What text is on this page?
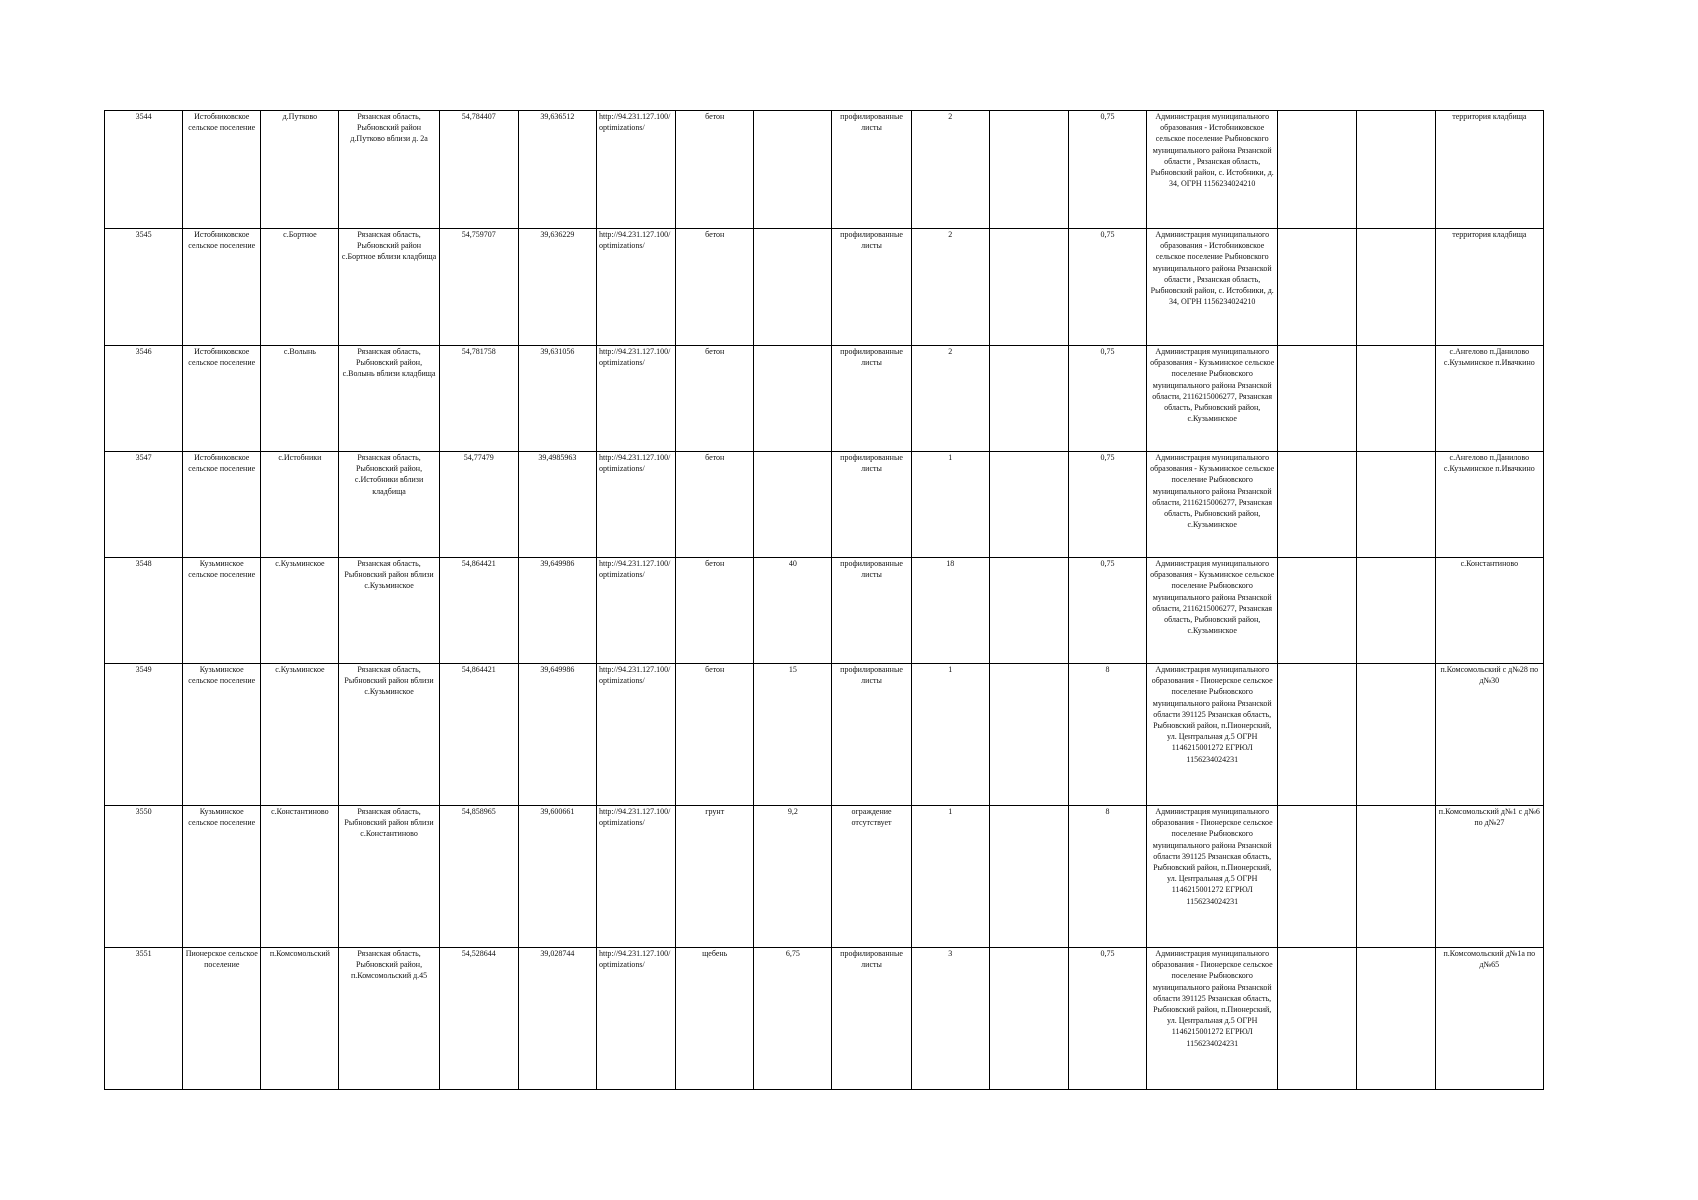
3544	Истобниковское сельское поселение	д.Путково	Рязанская область, Рыбновский район д.Путково вблизи д. 2а	54,784407	39,636512	http://94.231.127.100/optimizations/	бетон		профилированные листы	2		0,75	Администрация муниципального образования - Истобниковское сельское поселение Рыбновского муниципального района Рязанской области , Рязанская область, Рыбновский район, с. Истобники, д. 34, ОГРН 1156234024210			территория кладбища
3545	Истобниковское сельское поселение	с.Бортное	Рязанская область, Рыбновский район с.Бортное вблизи кладбища	54,759707	39,636229	http://94.231.127.100/optimizations/	бетон		профилированные листы	2		0,75	Администрация муниципального образования - Истобниковское сельское поселение Рыбновского муниципального района Рязанской области , Рязанская область, Рыбновский район, с. Истобники, д. 34, ОГРН 1156234024210			территория кладбища
3546	Истобниковское сельское поселение	с.Волынь	Рязанская область, Рыбновский район, с.Волынь вблизи кладбища	54,781758	39,631056	http://94.231.127.100/optimizations/	бетон		профилированные листы	2		0,75	Администрация муниципального образования - Кузьминское сельское поселение Рыбновского муниципального района Рязанской области, 2116215006277, Рязанская область, Рыбновский район, с.Кузьминское			с.Ангелово п.Данилово с.Кузьминское п.Ивачкино
3547	Истобниковское сельское поселение	с.Истобники	Рязанская область, Рыбновский район, с.Истобники вблизи кладбища	54,77479	39,4985963	http://94.231.127.100/optimizations/	бетон		профилированные листы	1		0,75	Администрация муниципального образования - Кузьминское сельское поселение Рыбновского муниципального района Рязанской области, 2116215006277, Рязанская область, Рыбновский район, с.Кузьминское			с.Ангелово п.Данилово с.Кузьминское п.Ивачкино
3548	Кузьминское сельское поселение	с.Кузьминское	Рязанская область, Рыбновский район вблизи с.Кузьминское	54,864421	39,649986	http://94.231.127.100/optimizations/	бетон	40	профилированные листы	18		0,75	Администрация муниципального образования - Кузьминское сельское поселение Рыбновского муниципального района Рязанской области, 2116215006277, Рязанская область, Рыбновский район, с.Кузьминское			с.Константиново
3549	Кузьминское сельское поселение	с.Кузьминское	Рязанская область, Рыбновский район вблизи с.Кузьминское	54,864421	39,649986	http://94.231.127.100/optimizations/	бетон	15	профилированные листы	1		8	Администрация муниципального образования - Пионерское сельское поселение Рыбновского муниципального района Рязанской области 391125 Рязанская область, Рыбновский район, п.Пионерский, ул. Центральная д.5 ОГРН 1146215001272 ЕГРЮЛ 1156234024231			п.Комсомольский с д№28 по д№30
3550	Кузьминское сельское поселение	с.Константиново	Рязанская область, Рыбновский район вблизи с.Константиново	54,858965	39,600661	http://94.231.127.100/optimizations/	грунт	9,2	ограждение отсутствует	1		8	Администрация муниципального образования - Пионерское сельское поселение Рыбновского муниципального района Рязанской области 391125 Рязанская область, Рыбновский район, п.Пионерский, ул. Центральная д.5 ОГРН 1146215001272 ЕГРЮЛ 1156234024231			п.Комсомольский д№1 с д№6 по д№27
3551	Пионерское сельское поселение	п.Комсомольский	Рязанская область, Рыбновский район, п.Комсомольский д.45	54,528644	39,028744	http://94.231.127.100/optimizations/	щебень	6,75	профилированные листы	3		0,75	Администрация муниципального образования - Пионерское сельское поселение Рыбновского муниципального района Рязанской области 391125 Рязанская область, Рыбновский район, п.Пионерский, ул. Центральная д.5 ОГРН 1146215001272 ЕГРЮЛ 1156234024231			п.Комсомольский д№1а по д№65
